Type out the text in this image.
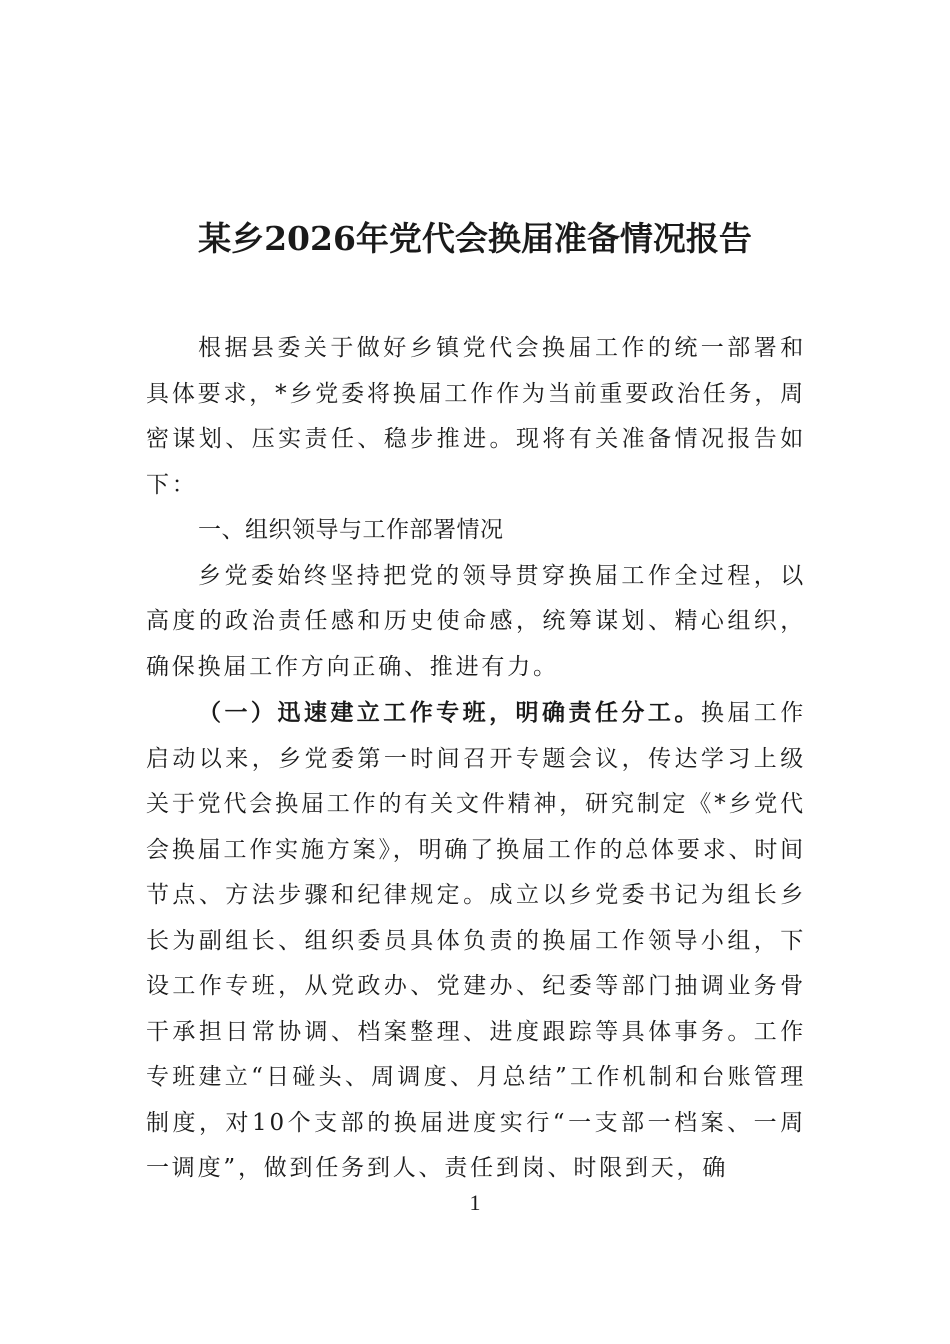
某乡2026年党代会换届准备情况报告

根据县委关于做好乡镇党代会换届工作的统一部署和具体要求，*乡党委将换届工作作为当前重要政治任务，周密谋划、压实责任、稳步推进。现将有关准备情况报告如下：

一、组织领导与工作部署情况

乡党委始终坚持把党的领导贯穿换届工作全过程，以高度的政治责任感和历史使命感，统筹谋划、精心组织，确保换届工作方向正确、推进有力。

（一）迅速建立工作专班，明确责任分工。换届工作启动以来，乡党委第一时间召开专题会议，传达学习上级关于党代会换届工作的有关文件精神，研究制定《*乡党代会换届工作实施方案》，明确了换届工作的总体要求、时间节点、方法步骤和纪律规定。成立以乡党委书记为组长乡长为副组长、组织委员具体负责的换届工作领导小组，下设工作专班，从党政办、党建办、纪委等部门抽调业务骨干承担日常协调、档案整理、进度跟踪等具体事务。工作专班建立“日碰头、周调度、月总结”工作机制和台账管理制度，对10个支部的换届进度实行“一支部一档案、一周一调度”，做到任务到人、责任到岗、时限到天，确

1
